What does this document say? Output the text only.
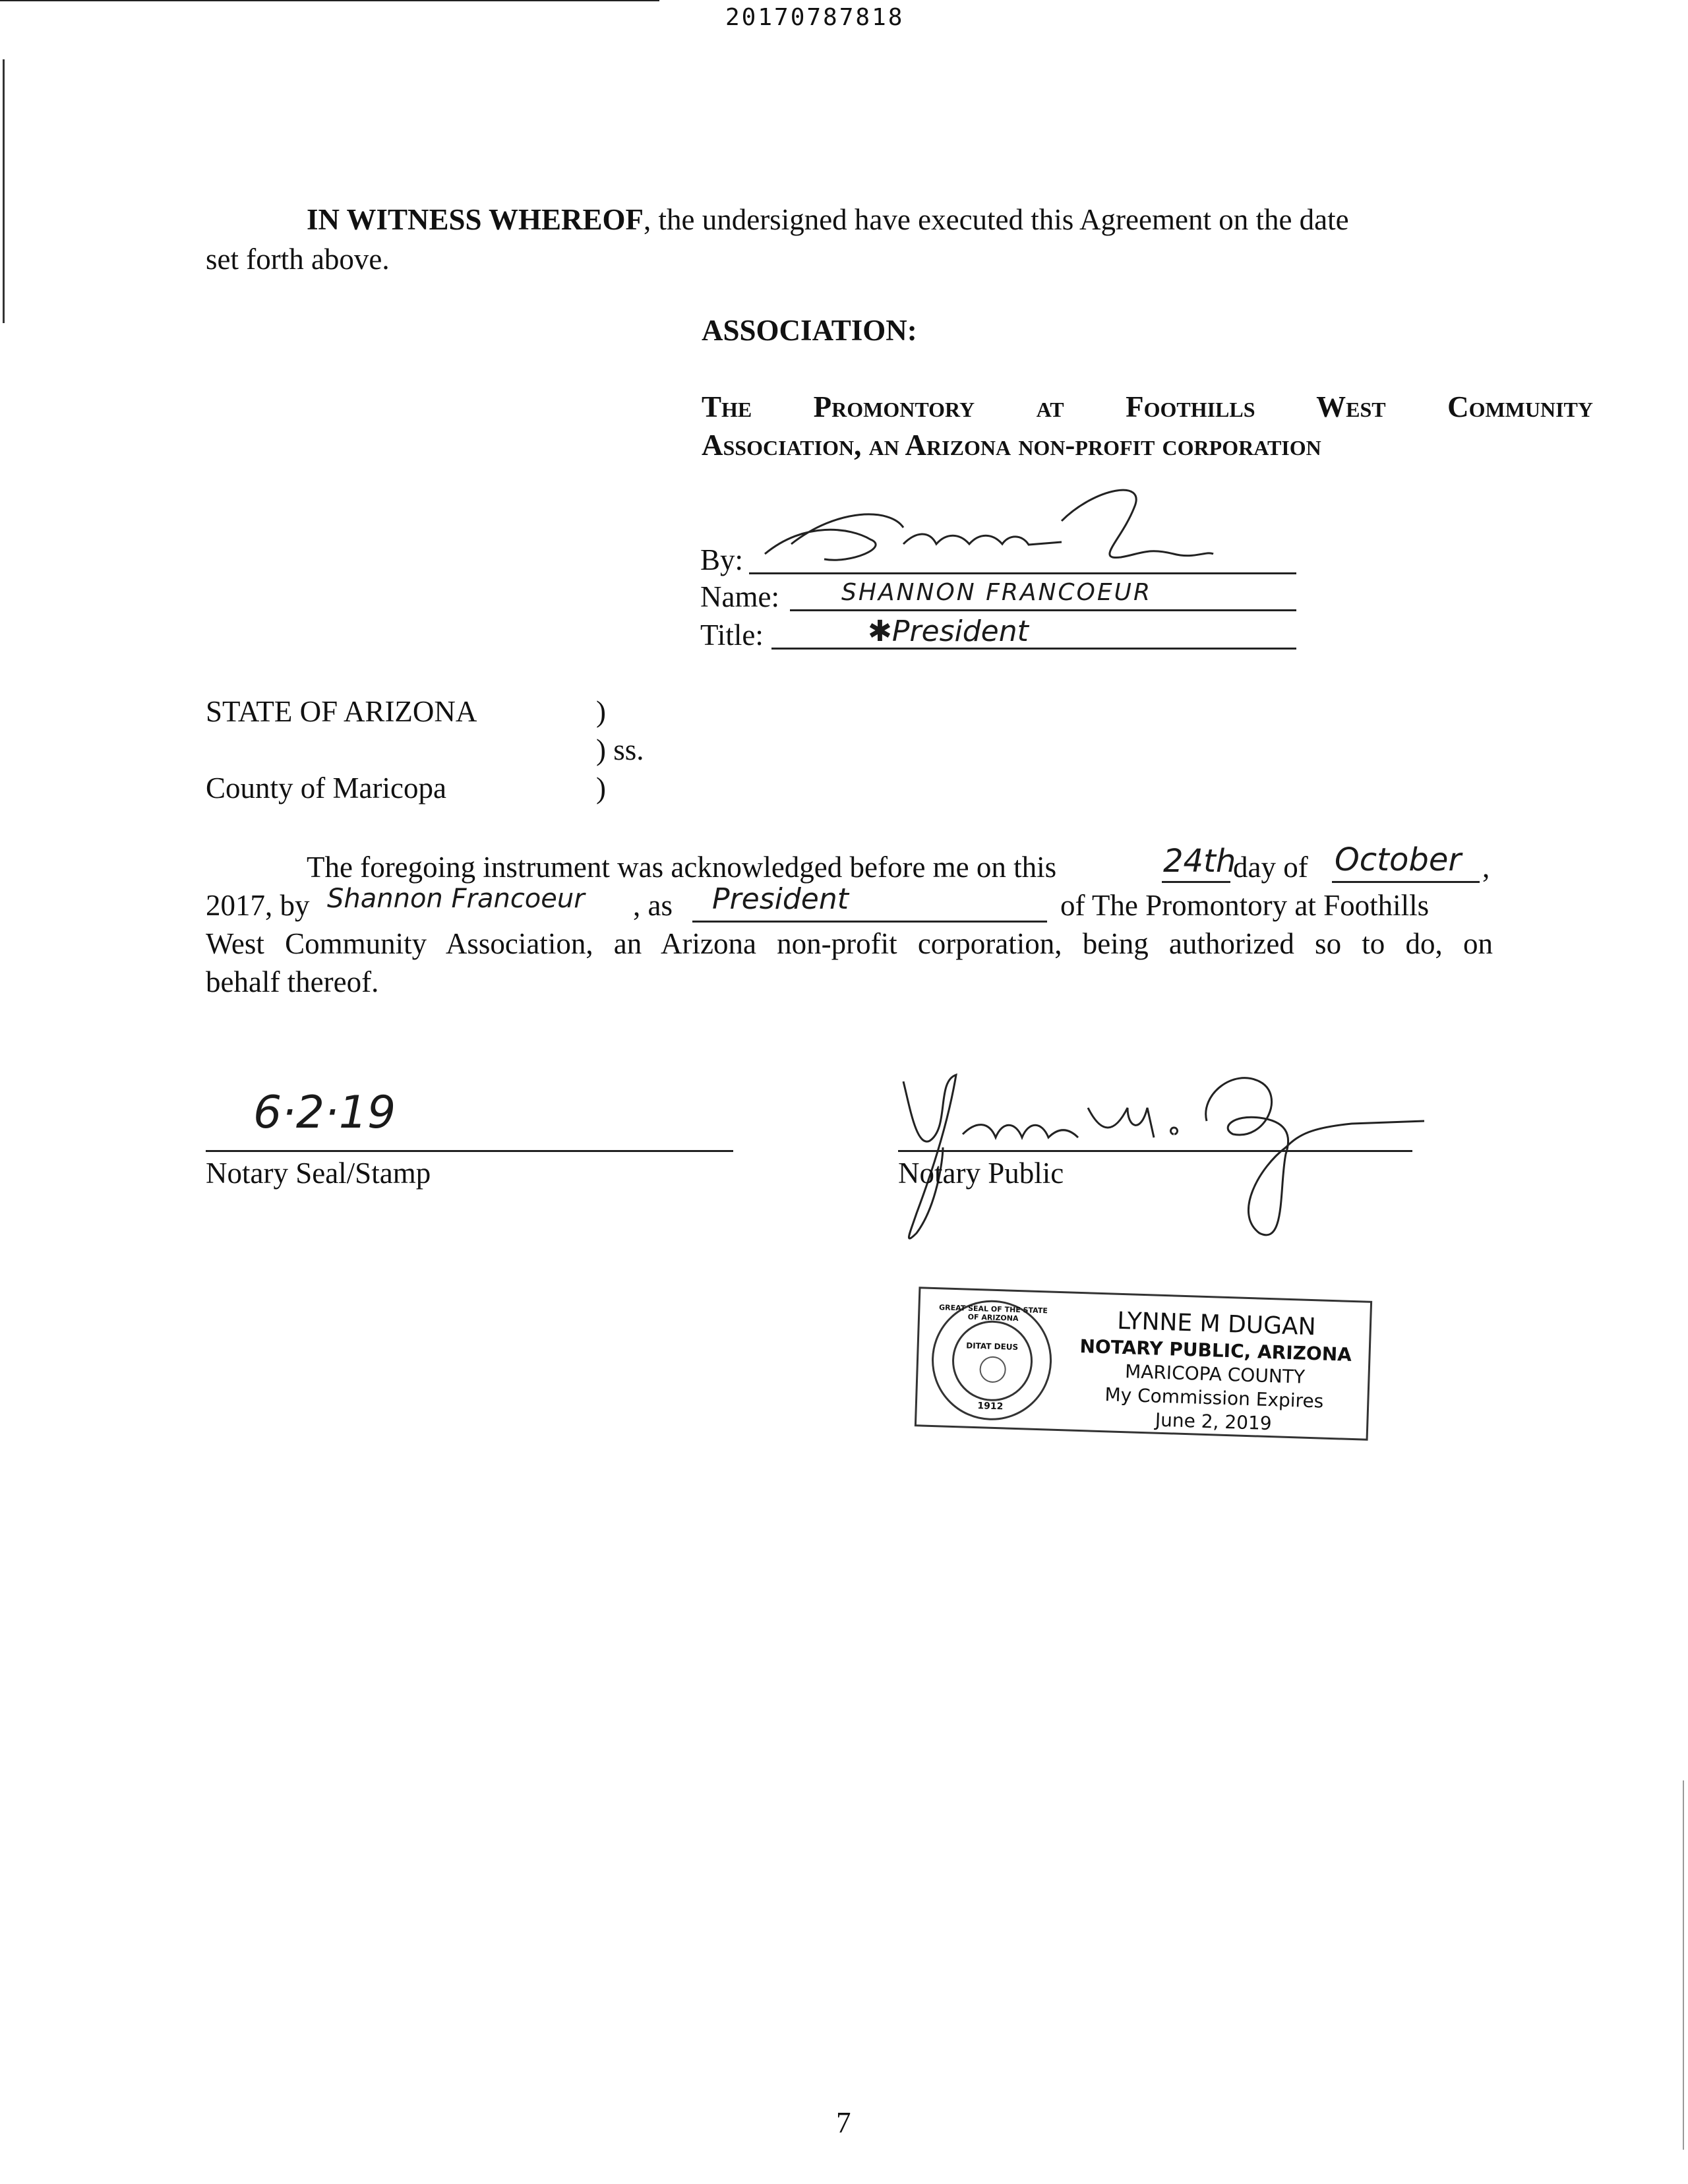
20170787818
IN WITNESS WHEREOF, the undersigned have executed this Agreement on the date
set forth above.
ASSOCIATION:
The Promontory at Foothills West Community
Association, an Arizona non-profit corporation
By:
Name:	SHANNON FRANCOEUR
Title:	✱President
STATE OF ARIZONA	)
) ss.
County of Maricopa	)
The foregoing instrument was acknowledged before me on this	24th
day of October ,
2017, by Shannon Francoeur , as President	of The Promontory at Foothills
West Community Association, an Arizona non-profit corporation, being authorized so to do, on
behalf thereof.
6·2·19
Notary Seal/Stamp	Notary Public
GREAT SEAL OF THE STATE OF ARIZONA
DITAT DEUS
1912
LYNNE M DUGAN
NOTARY PUBLIC, ARIZONA
MARICOPA COUNTY
My Commission Expires
June 2, 2019
7
